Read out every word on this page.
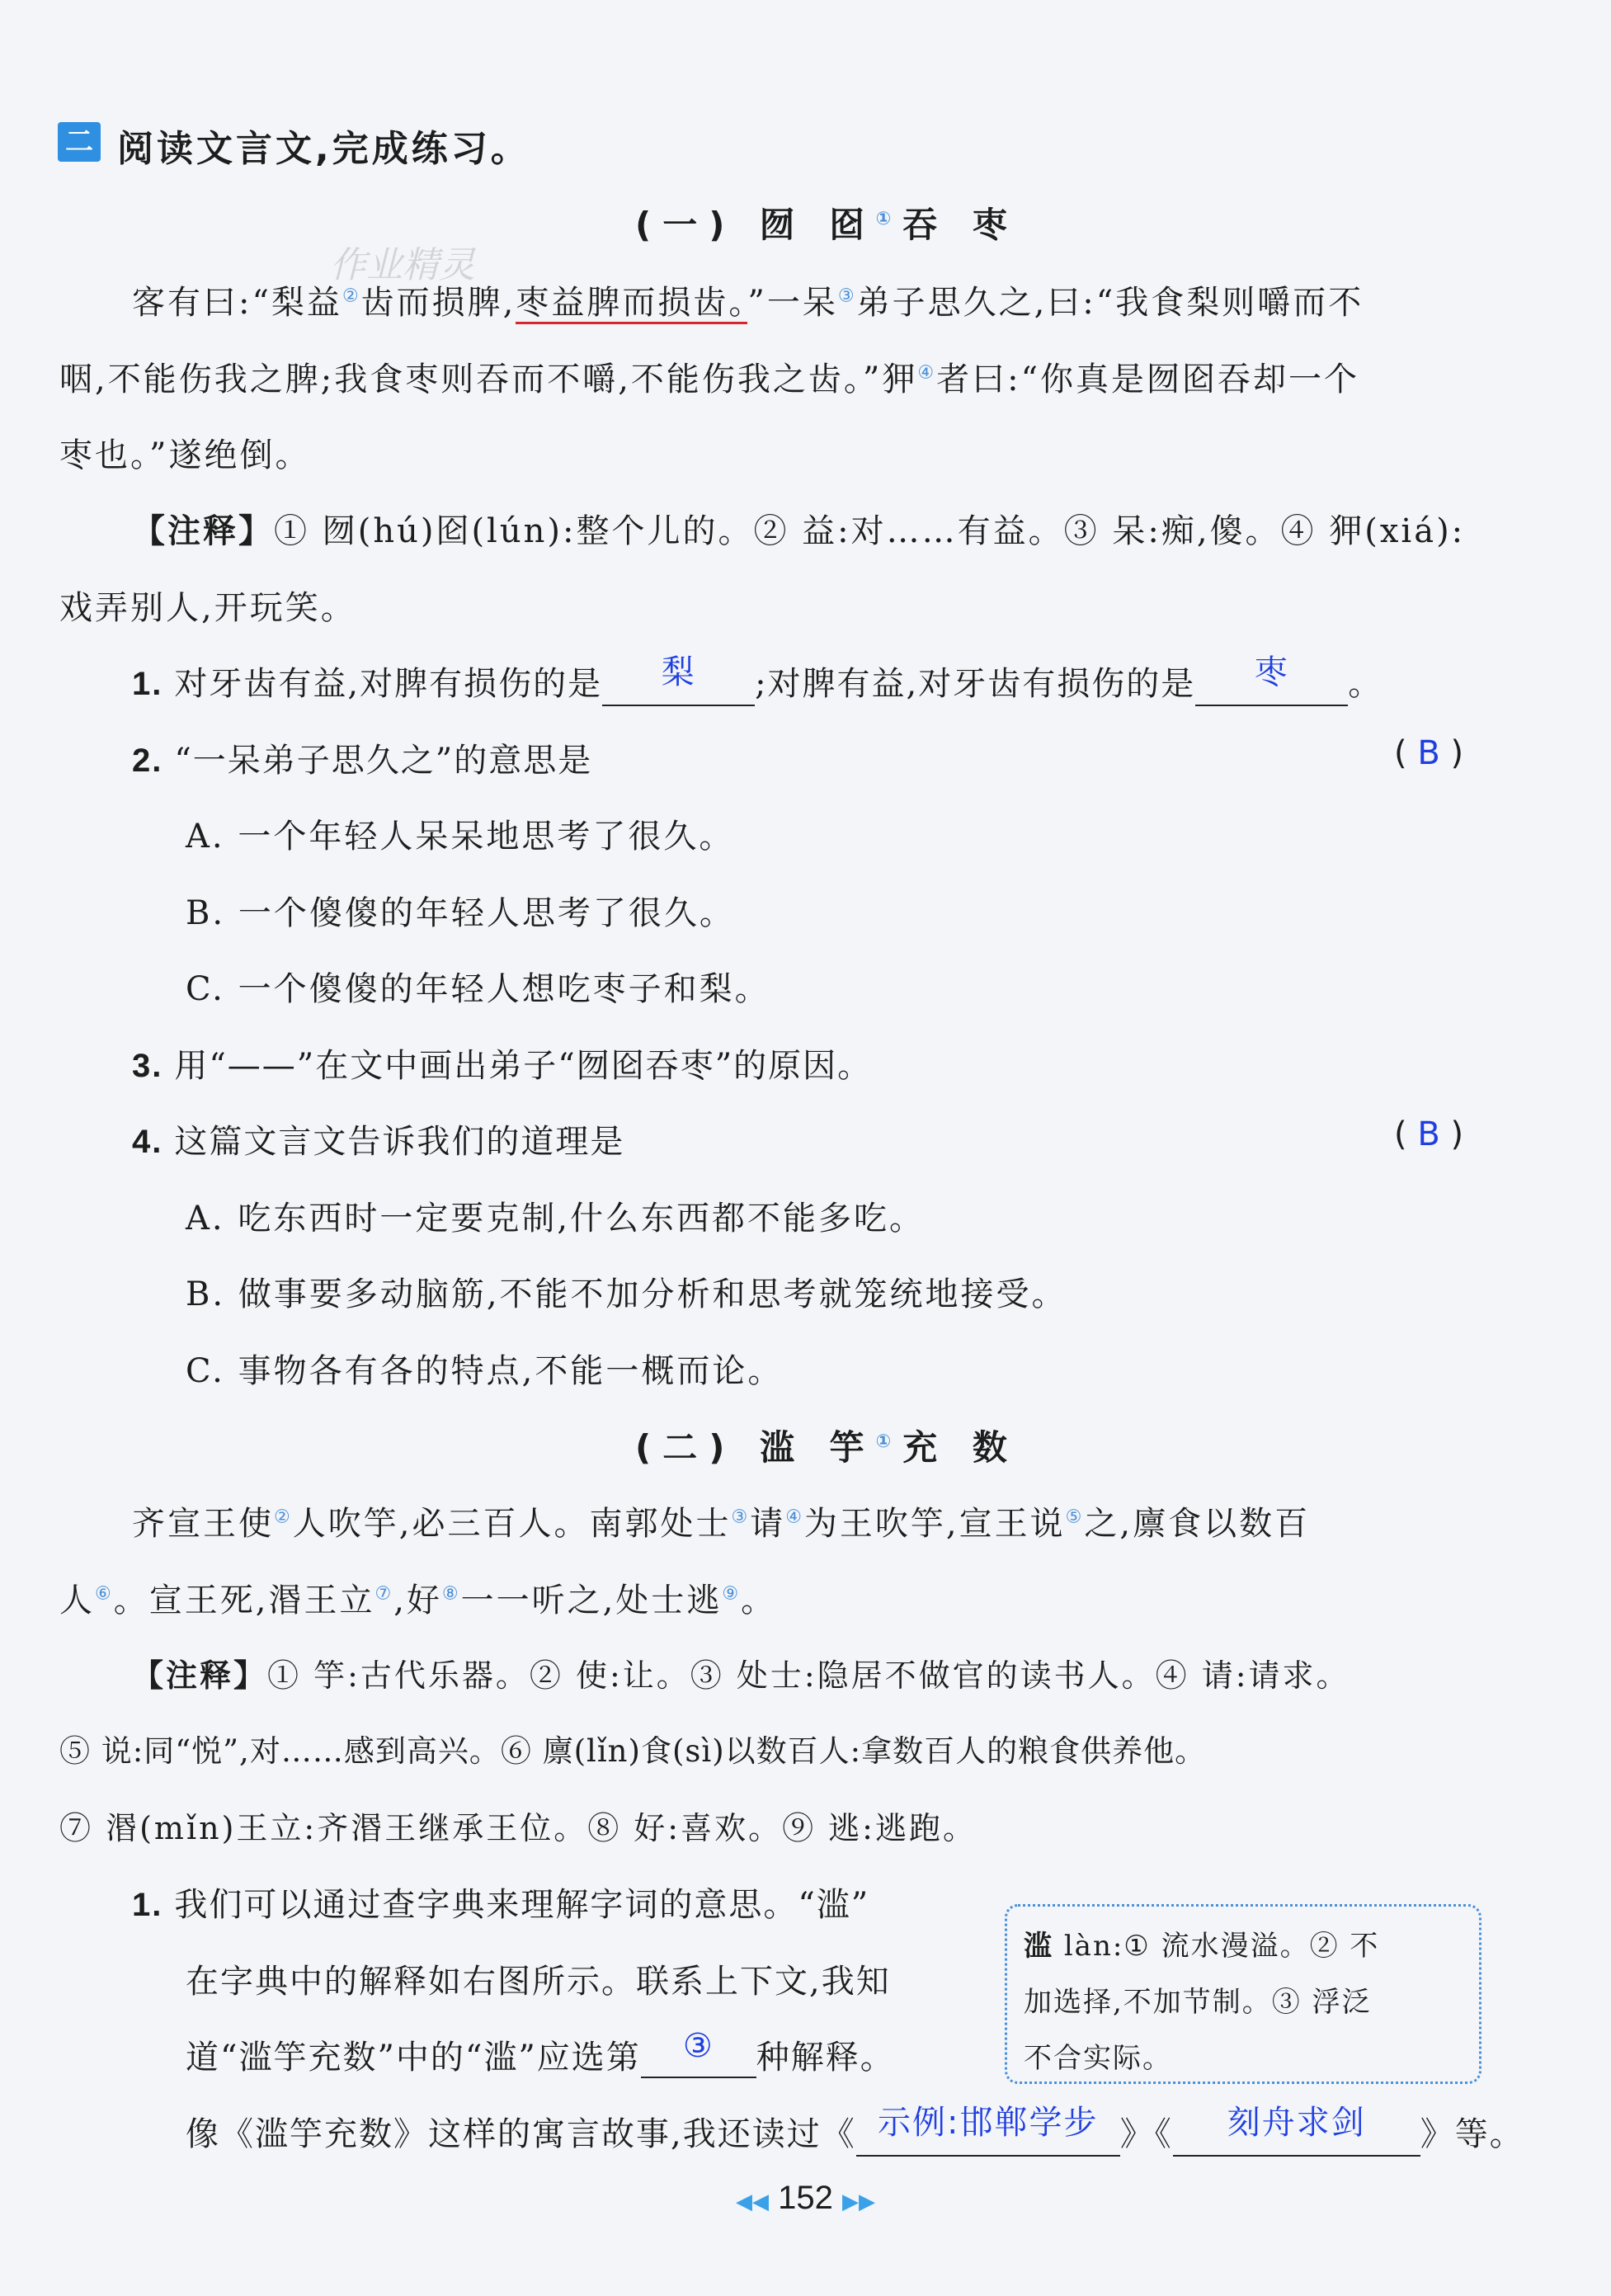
二 阅读文言文,完成练习。
(一) 囫 囵①吞 枣
作业精灵
客有曰:“梨益②齿而损脾,枣益脾而损齿。”一呆③弟子思久之,曰:“我食梨则嚼而不
咽,不能伤我之脾;我食枣则吞而不嚼,不能伤我之齿。”狎④者曰:“你真是囫囵吞却一个
枣也。”遂绝倒。
【注释】① 囫(hú)囵(lún):整个儿的。② 益:对……有益。③ 呆:痴,傻。④ 狎(xiá):
戏弄别人,开玩笑。
1. 对牙齿有益,对脾有损伤的是 梨 ;对脾有益,对牙齿有损伤的是 枣 。
2. “一呆弟子思久之”的意思是	( B )
A. 一个年轻人呆呆地思考了很久。
B. 一个傻傻的年轻人思考了很久。
C. 一个傻傻的年轻人想吃枣子和梨。
3. 用“——”在文中画出弟子“囫囵吞枣”的原因。
4. 这篇文言文告诉我们的道理是	( B )
A. 吃东西时一定要克制,什么东西都不能多吃。
B. 做事要多动脑筋,不能不加分析和思考就笼统地接受。
C. 事物各有各的特点,不能一概而论。
(二) 滥 竽①充 数
齐宣王使②人吹竽,必三百人。南郭处士③请④为王吹竽,宣王说⑤之,廪食以数百
人⑥。宣王死,湣王立⑦,好⑧一一听之,处士逃⑨。
【注释】① 竽:古代乐器。② 使:让。③ 处士:隐居不做官的读书人。④ 请:请求。
⑤ 说:同“悦”,对……感到高兴。⑥ 廪(lǐn)食(sì)以数百人:拿数百人的粮食供养他。
⑦ 湣(mǐn)王立:齐湣王继承王位。⑧ 好:喜欢。⑨ 逃:逃跑。
1. 我们可以通过查字典来理解字词的意思。“滥”
在字典中的解释如右图所示。联系上下文,我知
道“滥竽充数”中的“滥”应选第 ③ 种解释。
像《滥竽充数》这样的寓言故事,我还读过《 示例:邯郸学步 》《 刻舟求剑 》等。
滥 làn:① 流水漫溢。② 不
加选择,不加节制。③ 浮泛
不合实际。
◀◀ 152 ▶▶
